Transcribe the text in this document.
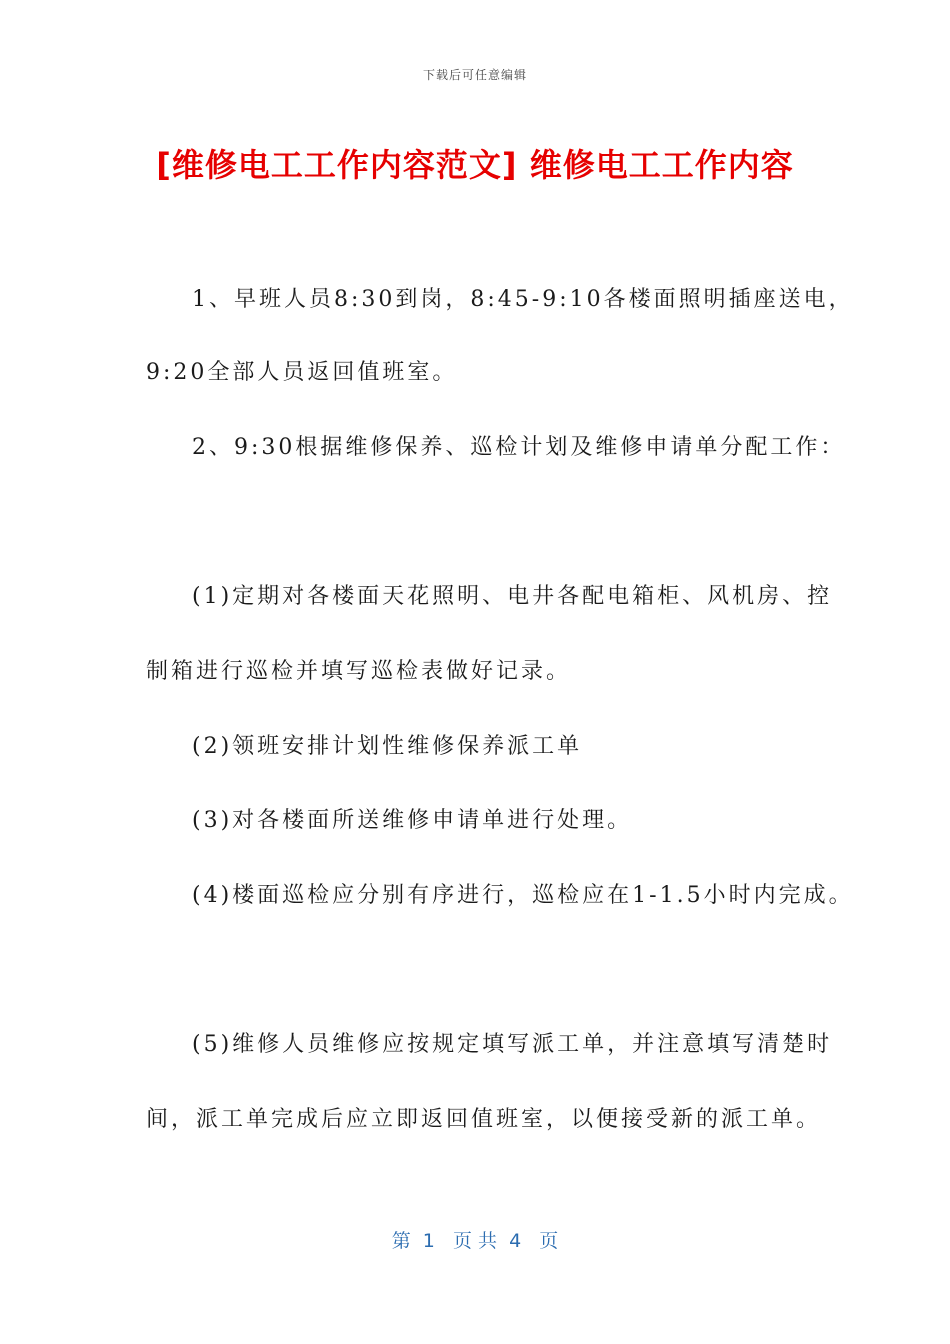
下载后可任意编辑
[维修电工工作内容范文] 维修电工工作内容
1、早班人员8:30到岗，8:45-9:10各楼面照明插座送电，
9:20全部人员返回值班室。
2、9:30根据维修保养、巡检计划及维修申请单分配工作：
(1)定期对各楼面天花照明、电井各配电箱柜、风机房、控
制箱进行巡检并填写巡检表做好记录。
(2)领班安排计划性维修保养派工单
(3)对各楼面所送维修申请单进行处理。
(4)楼面巡检应分别有序进行，巡检应在1-1.5小时内完成。
(5)维修人员维修应按规定填写派工单，并注意填写清楚时
间，派工单完成后应立即返回值班室，以便接受新的派工单。
第  1   页 共  4   页
